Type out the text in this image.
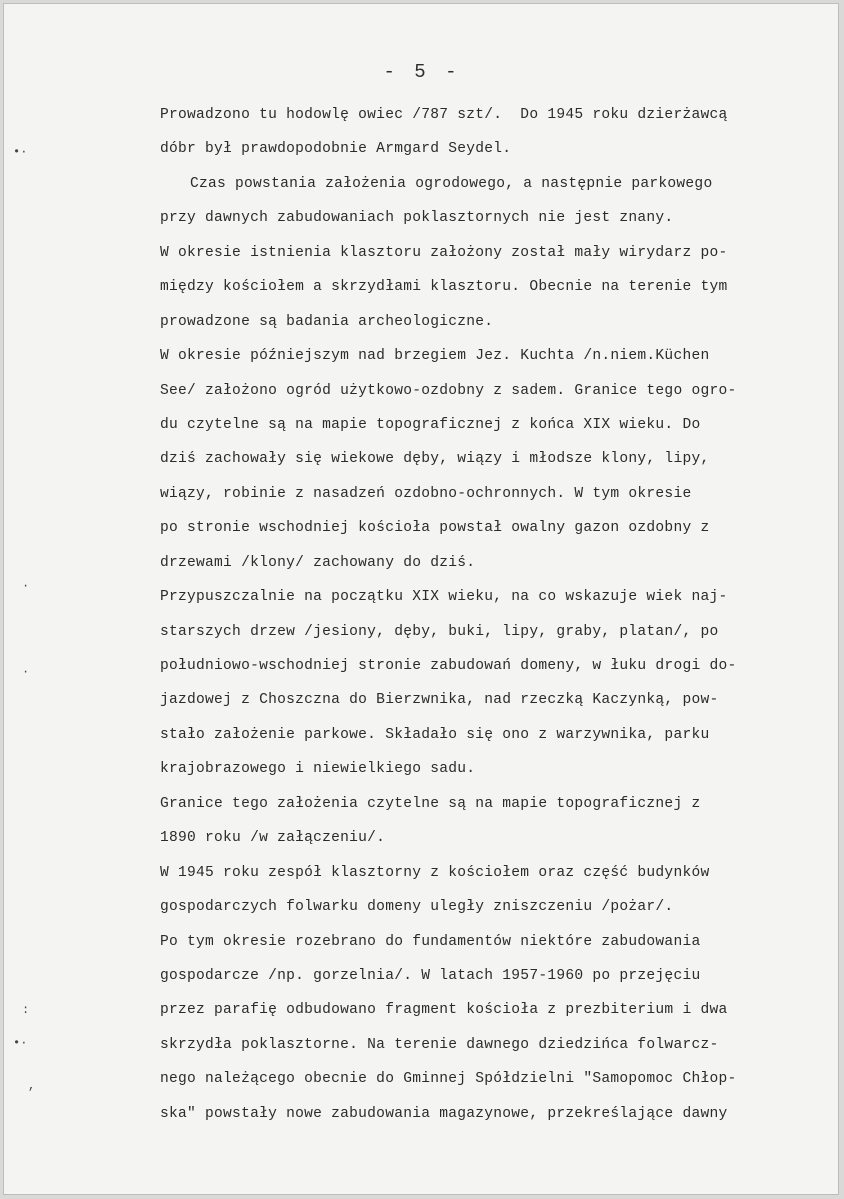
- 5 -
•·
·
·
:
•·
,
Prowadzono tu hodowlę owiec /787 szt/.  Do 1945 roku dzierżawcą
dóbr był prawdopodobnie Armgard Seydel.
Czas powstania założenia ogrodowego, a następnie parkowego
przy dawnych zabudowaniach poklasztornych nie jest znany.
W okresie istnienia klasztoru założony został mały wirydarz po-
między kościołem a skrzydłami klasztoru. Obecnie na terenie tym
prowadzone są badania archeologiczne.
W okresie późniejszym nad brzegiem Jez. Kuchta /n.niem.Küchen
See/ założono ogród użytkowo-ozdobny z sadem. Granice tego ogro-
du czytelne są na mapie topograficznej z końca XIX wieku. Do
dziś zachowały się wiekowe dęby, wiązy i młodsze klony, lipy,
wiązy, robinie z nasadzeń ozdobno-ochronnych. W tym okresie
po stronie wschodniej kościoła powstał owalny gazon ozdobny z
drzewami /klony/ zachowany do dziś.
Przypuszczalnie na początku XIX wieku, na co wskazuje wiek naj-
starszych drzew /jesiony, dęby, buki, lipy, graby, platan/, po
południowo-wschodniej stronie zabudowań domeny, w łuku drogi do-
jazdowej z Choszczna do Bierzwnika, nad rzeczką Kaczynką, pow-
stało założenie parkowe. Składało się ono z warzywnika, parku
krajobrazowego i niewielkiego sadu.
Granice tego założenia czytelne są na mapie topograficznej z
1890 roku /w załączeniu/.
W 1945 roku zespół klasztorny z kościołem oraz część budynków
gospodarczych folwarku domeny uległy zniszczeniu /pożar/.
Po tym okresie rozebrano do fundamentów niektóre zabudowania
gospodarcze /np. gorzelnia/. W latach 1957-1960 po przejęciu
przez parafię odbudowano fragment kościoła z prezbiterium i dwa
skrzydła poklasztorne. Na terenie dawnego dziedzińca folwarcz-
nego należącego obecnie do Gminnej Spółdzielni "Samopomoc Chłop-
ska" powstały nowe zabudowania magazynowe, przekreślające dawny
